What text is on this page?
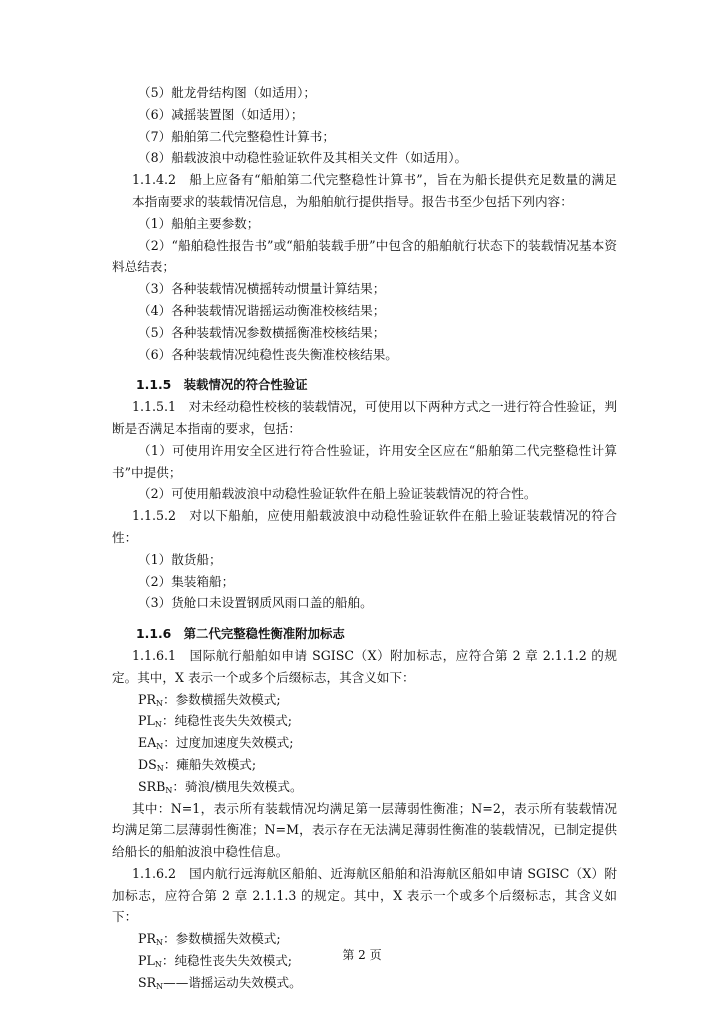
（5）舭龙骨结构图（如适用）；

（6）减摇装置图（如适用）；

（7）船舶第二代完整稳性计算书；

（8）船载波浪中动稳性验证软件及其相关文件（如适用）。

1.1.4.2　船上应备有“船舶第二代完整稳性计算书”，旨在为船长提供充足数量的满足本指南要求的装载情况信息，为船舶航行提供指导。报告书至少包括下列内容：

（1）船舶主要参数；

（2）“船舶稳性报告书”或“船舶装载手册”中包含的船舶航行状态下的装载情况基本资料总结表；

（3）各种装载情况横摇转动惯量计算结果；

（4）各种装载情况谐摇运动衡准校核结果；

（5）各种装载情况参数横摇衡准校核结果；

（6）各种装载情况纯稳性丧失衡准校核结果。

1.1.5　装载情况的符合性验证

1.1.5.1　对未经动稳性校核的装载情况，可使用以下两种方式之一进行符合性验证，判断是否满足本指南的要求，包括：

（1）可使用许用安全区进行符合性验证，许用安全区应在“船舶第二代完整稳性计算书”中提供；

（2）可使用船载波浪中动稳性验证软件在船上验证装载情况的符合性。

1.1.5.2　对以下船舶，应使用船载波浪中动稳性验证软件在船上验证装载情况的符合性：

（1）散货船；

（2）集装箱船；

（3）货舱口未设置钢质风雨口盖的船舶。

1.1.6　第二代完整稳性衡准附加标志

1.1.6.1　国际航行船舶如申请 SGISC（X）附加标志，应符合第 2 章 2.1.1.2 的规定。其中，X 表示一个或多个后缀标志，其含义如下：

$PR_N$：参数横摇失效模式;

$PL_N$：纯稳性丧失失效模式;

$EA_N$：过度加速度失效模式;

$DS_N$：瘫船失效模式;

$SRB_N$：骑浪/横甩失效模式。

其中：N=1，表示所有装载情况均满足第一层薄弱性衡准；N=2，表示所有装载情况均满足第二层薄弱性衡准；N=M，表示存在无法满足薄弱性衡准的装载情况，已制定提供给船长的船舶波浪中稳性信息。

1.1.6.2　国内航行远海航区船舶、近海航区船舶和沿海航区船如申请 SGISC（X）附加标志，应符合第 2 章 2.1.1.3 的规定。其中，X 表示一个或多个后缀标志，其含义如下：

$PR_N$：参数横摇失效模式;

$PL_N$：纯稳性丧失失效模式;

$SR_N——$谐摇运动失效模式。

第 2 页
